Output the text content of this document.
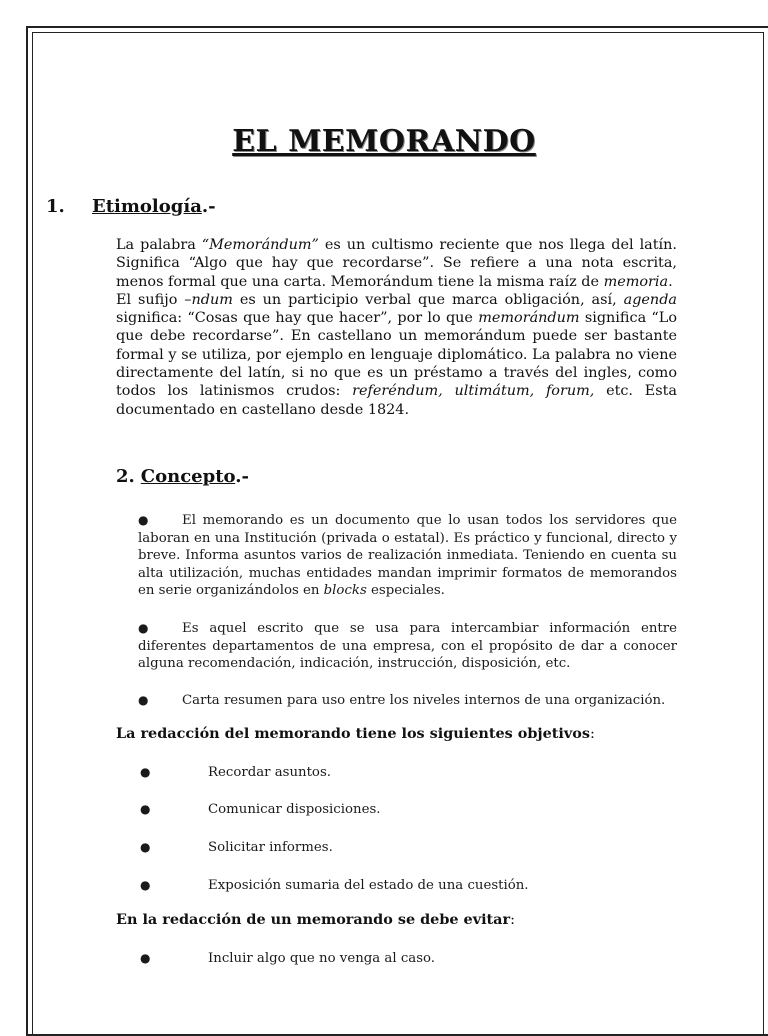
EL MEMORANDO
1.	Etimología.-
La palabra “Memorándum” es un cultismo reciente que nos llega del latín. Significa “Algo que hay que recordarse”. Se refiere a una nota escrita, menos formal que una carta. Memorándum tiene la misma raíz de memoria.
El sufijo –ndum es un participio verbal que marca obligación, así, agenda significa: “Cosas que hay que hacer”, por lo que memorándum significa “Lo que debe recordarse”. En castellano un memorándum puede ser bastante formal y se utiliza, por ejemplo en lenguaje diplomático. La palabra no viene directamente del latín, si no que es un préstamo a través del ingles, como todos los latinismos crudos: referéndum, ultimátum, forum, etc. Esta documentado en castellano desde 1824.
2. Concepto.-
●	El memorando es un documento que lo usan todos los servidores que laboran en una Institución (privada o estatal). Es práctico y funcional, directo y breve. Informa asuntos varios de realización inmediata. Teniendo en cuenta su alta utilización, muchas entidades mandan imprimir formatos de memorandos en serie organizándolos en blocks especiales.
●	Es aquel escrito que se usa para intercambiar información entre diferentes departamentos de una empresa, con el propósito de dar a conocer alguna recomendación, indicación, instrucción, disposición, etc.
●	Carta resumen para uso entre los niveles internos de una organización.
La redacción del memorando tiene los siguientes objetivos:
●	Recordar asuntos.
●	Comunicar disposiciones.
●	Solicitar informes.
●	Exposición sumaria del estado de una cuestión.
En la redacción de un memorando se debe evitar:
●	Incluir algo que no venga al caso.
